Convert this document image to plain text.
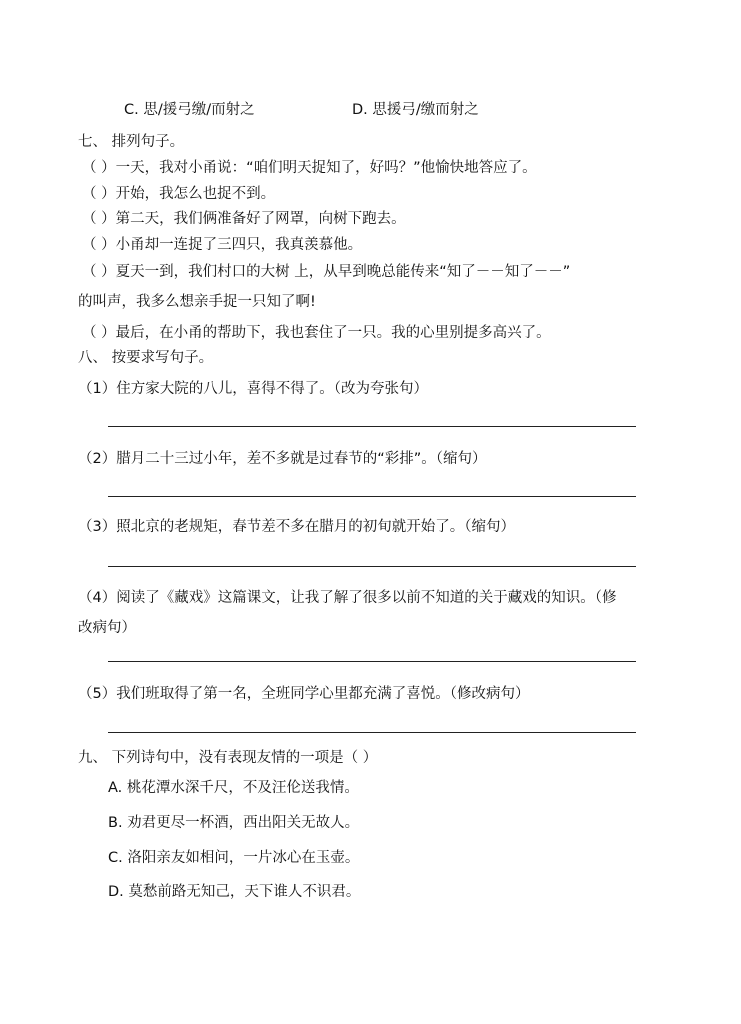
C. 思/援弓缴/而射之	D. 思援弓/缴而射之
七、 排列句子。
（ ）一天，我对小甬说：“咱们明天捉知了，好吗？”他愉快地答应了。
（ ）开始，我怎么也捉不到。
（ ）第二天，我们俩准备好了网罩，向树下跑去。
（ ）小甬却一连捉了三四只，我真羡慕他。
（ ）夏天一到，我们村口的大树 上，从早到晚总能传来“知了－－知了－－”
的叫声，我多么想亲手捉一只知了啊!
（ ）最后，在小甬的帮助下，我也套住了一只。我的心里别提多高兴了。
八、 按要求写句子。
（1）住方家大院的八儿，喜得不得了。（改为夸张句）
（2）腊月二十三过小年，差不多就是过春节的“彩排”。（缩句）
（3）照北京的老规矩，春节差不多在腊月的初旬就开始了。（缩句）
（4）阅读了《藏戏》这篇课文，让我了解了很多以前不知道的关于藏戏的知识。（修
改病句）
（5）我们班取得了第一名，全班同学心里都充满了喜悦。（修改病句）
九、 下列诗句中，没有表现友情的一项是（ ）
A. 桃花潭水深千尺，不及汪伦送我情。
B. 劝君更尽一杯酒，西出阳关无故人。
C. 洛阳亲友如相问，一片冰心在玉壶。
D. 莫愁前路无知己，天下谁人不识君。
